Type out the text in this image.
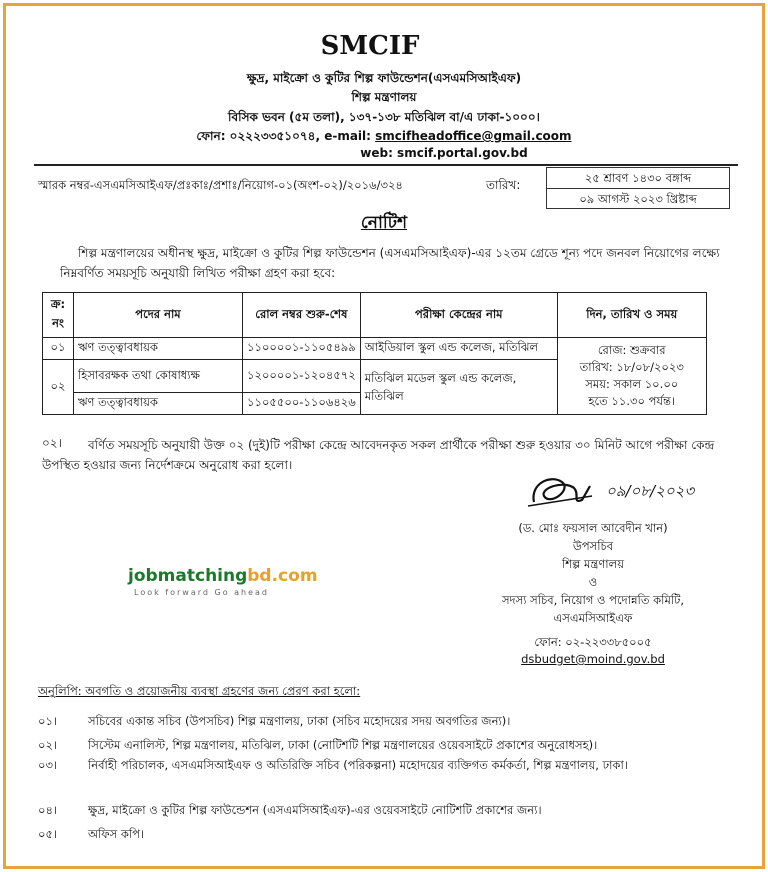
SMCIF
ক্ষুদ্র, মাইক্রো ও কুটির শিল্প ফাউন্ডেশন(এসএমসিআইএফ)
শিল্প মন্ত্রণালয়
বিসিক ভবন (৫ম তলা), ১৩৭-১৩৮ মতিঝিল বা/এ ঢাকা-১০০০।
ফোন: ০২২২৩৩৫১০৭৪, e-mail: smcifheadoffice@gmail.coom
web: smcif.portal.gov.bd
স্মারক নম্বর-এসএমসিআইএফ/প্রঃকাঃ/প্রশাঃ/নিয়োগ-০১(অংশ-০২)/২০১৬/৩২৪	তারিখ:	২৫ শ্রাবণ ১৪৩০ বঙ্গাব্দ
০৯ আগস্ট ২০২৩ খ্রিষ্টাব্দ
নোটিশ
শিল্প মন্ত্রণালয়ের অধীনস্থ ক্ষুদ্র, মাইক্রো ও কুটির শিল্প ফাউন্ডেশন (এসএমসিআইএফ)-এর ১২তম গ্রেডে শূন্য পদে জনবল নিয়োগের লক্ষ্যে নিম্নবর্ণিত সময়সূচি অনুযায়ী লিখিত পরীক্ষা গ্রহণ করা হবে:
ক্র: নং	পদের নাম	রোল নম্বর শুরু-শেষ	পরীক্ষা কেন্দ্রের নাম	দিন, তারিখ ও সময়
০১	ঋণ তত্ত্বাবধায়ক	১১০০০০১-১১০৫৪৯৯	আইডিয়াল স্কুল এন্ড কলেজ, মতিঝিল	রোজ: শুক্রবার
তারিখ: ১৮/০৮/২০২৩
সময়: সকাল ১০.০০
হতে ১১.৩০ পর্যন্ত।

০২	হিসাবরক্ষক তথা কোষাধ্যক্ষ	১২০০০০১-১২০৪৫৭২	মতিঝিল মডেল স্কুল এন্ড কলেজ, মতিঝিল	
	ঋণ তত্ত্বাবধায়ক	১১০৫৫০০-১১০৬৪২৬		
০২।	বর্ণিত সময়সূচি অনুযায়ী উক্ত ০২ (দুই)টি পরীক্ষা কেন্দ্রে আবেদনকৃত সকল প্রার্থীকে পরীক্ষা শুরু হওয়ার ৩০ মিনিট আগে পরীক্ষা কেন্দ্র উপস্থিত হওয়ার জন্য নির্দেশক্রমে অনুরোধ করা হলো।
০৯/০৮/২০২৩
(ড. মোঃ ফয়সাল আবেদীন খান)
উপসচিব
শিল্প মন্ত্রণালয়
ও
সদস্য সচিব, নিয়োগ ও পদোন্নতি কমিটি,
এসএমসিআইএফ
ফোন: ০২-২২৩৩৮৫০০৫
dsbudget@moind.gov.bd
jobmatchingbd.com
Look forward Go ahead
অনুলিপি: অবগতি ও প্রয়োজনীয় ব্যবস্থা গ্রহণের জন্য প্রেরণ করা হলো:
০১।	সচিবের একান্ত সচিব (উপসচিব) শিল্প মন্ত্রণালয়, ঢাকা (সচিব মহোদয়ের সদয় অবগতির জন্য)।
০২।	সিস্টেম এনালিস্ট, শিল্প মন্ত্রণালয়, মতিঝিল, ঢাকা (নোটিশটি শিল্প মন্ত্রণালয়ের ওয়েবসাইটে প্রকাশের অনুরোধসহ)।
০৩।	নির্বাহী পরিচালক, এসএমসিআইএফ ও অতিরিক্তি সচিব (পরিকল্পনা) মহোদয়ের ব্যক্তিগত কর্মকর্তা, শিল্প মন্ত্রণালয়, ঢাকা।
০৪।	ক্ষুদ্র, মাইক্রো ও কুটির শিল্প ফাউন্ডেশন (এসএমসিআইএফ)-এর ওয়েবসাইটে নোটিশটি প্রকাশের জন্য।
০৫।	অফিস কপি।
